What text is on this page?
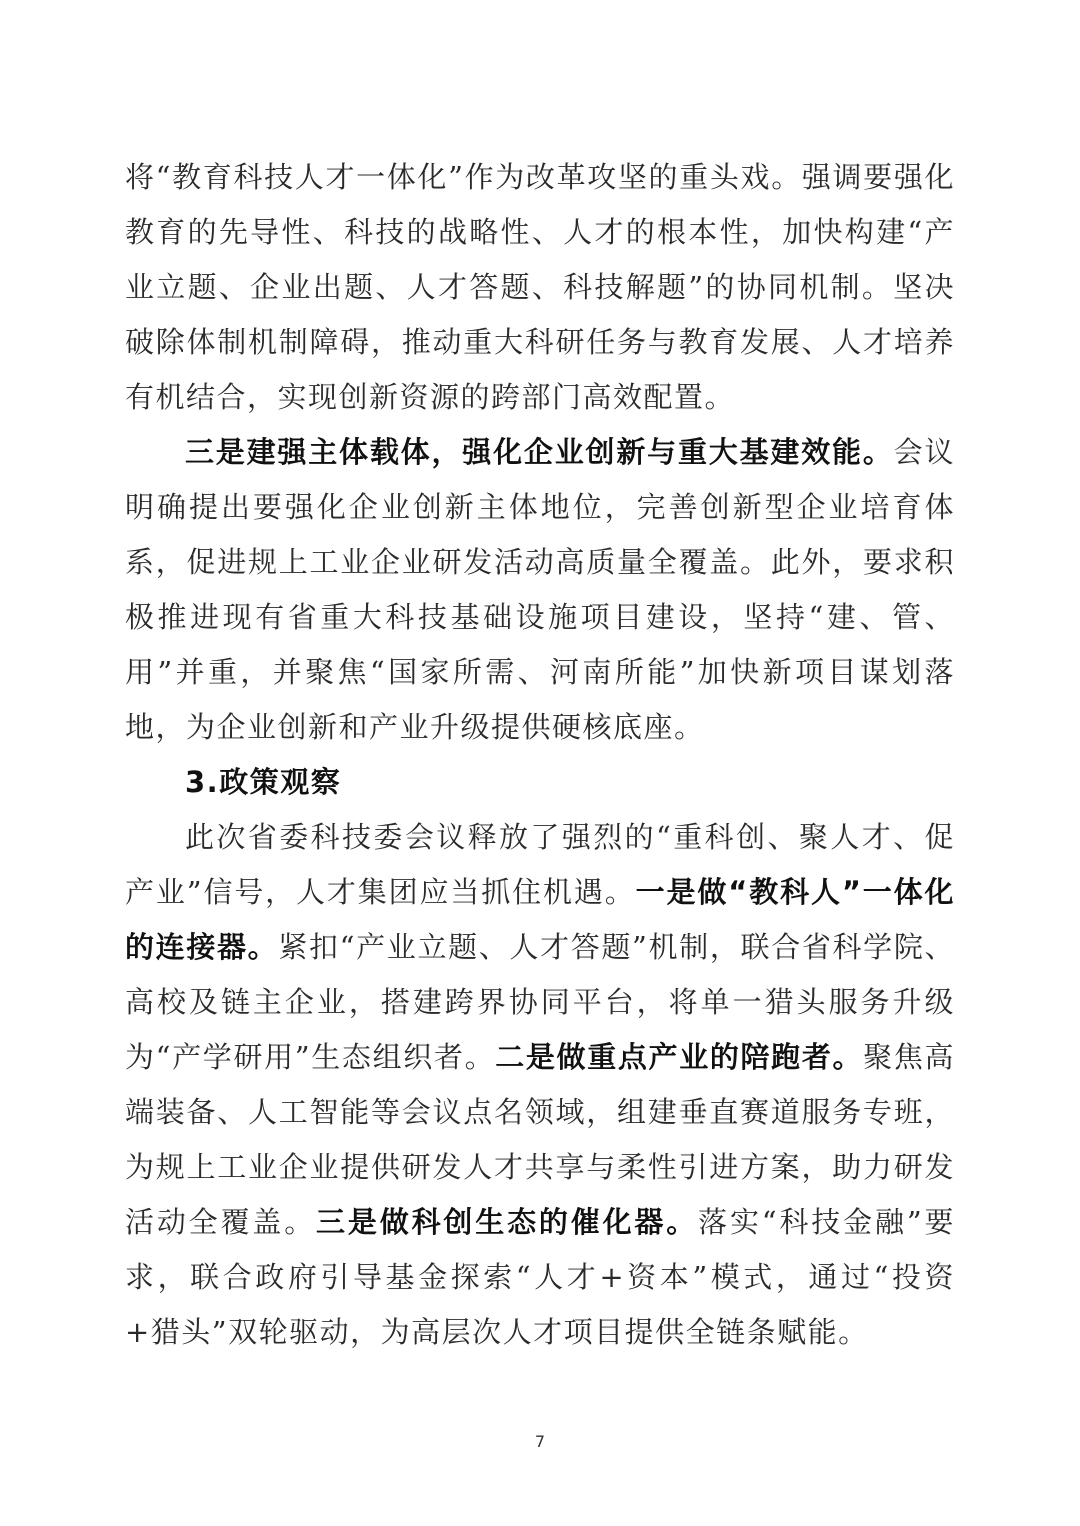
将“教育科技人才一体化”作为改革攻坚的重头戏。强调要强化教育的先导性、科技的战略性、人才的根本性，加快构建“产业立题、企业出题、人才答题、科技解题”的协同机制。坚决破除体制机制障碍，推动重大科研任务与教育发展、人才培养有机结合，实现创新资源的跨部门高效配置。

三是建强主体载体，强化企业创新与重大基建效能。会议明确提出要强化企业创新主体地位，完善创新型企业培育体系，促进规上工业企业研发活动高质量全覆盖。此外，要求积极推进现有省重大科技基础设施项目建设，坚持“建、管、用”并重，并聚焦“国家所需、河南所能”加快新项目谋划落地，为企业创新和产业升级提供硬核底座。

3.政策观察

此次省委科技委会议释放了强烈的“重科创、聚人才、促产业”信号，人才集团应当抓住机遇。一是做“教科人”一体化的连接器。紧扣“产业立题、人才答题”机制，联合省科学院、高校及链主企业，搭建跨界协同平台，将单一猎头服务升级为“产学研用”生态组织者。二是做重点产业的陪跑者。聚焦高端装备、人工智能等会议点名领域，组建垂直赛道服务专班，为规上工业企业提供研发人才共享与柔性引进方案，助力研发活动全覆盖。三是做科创生态的催化器。落实“科技金融”要求，联合政府引导基金探索“人才+资本”模式，通过“投资+猎头”双轮驱动，为高层次人才项目提供全链条赋能。

7
